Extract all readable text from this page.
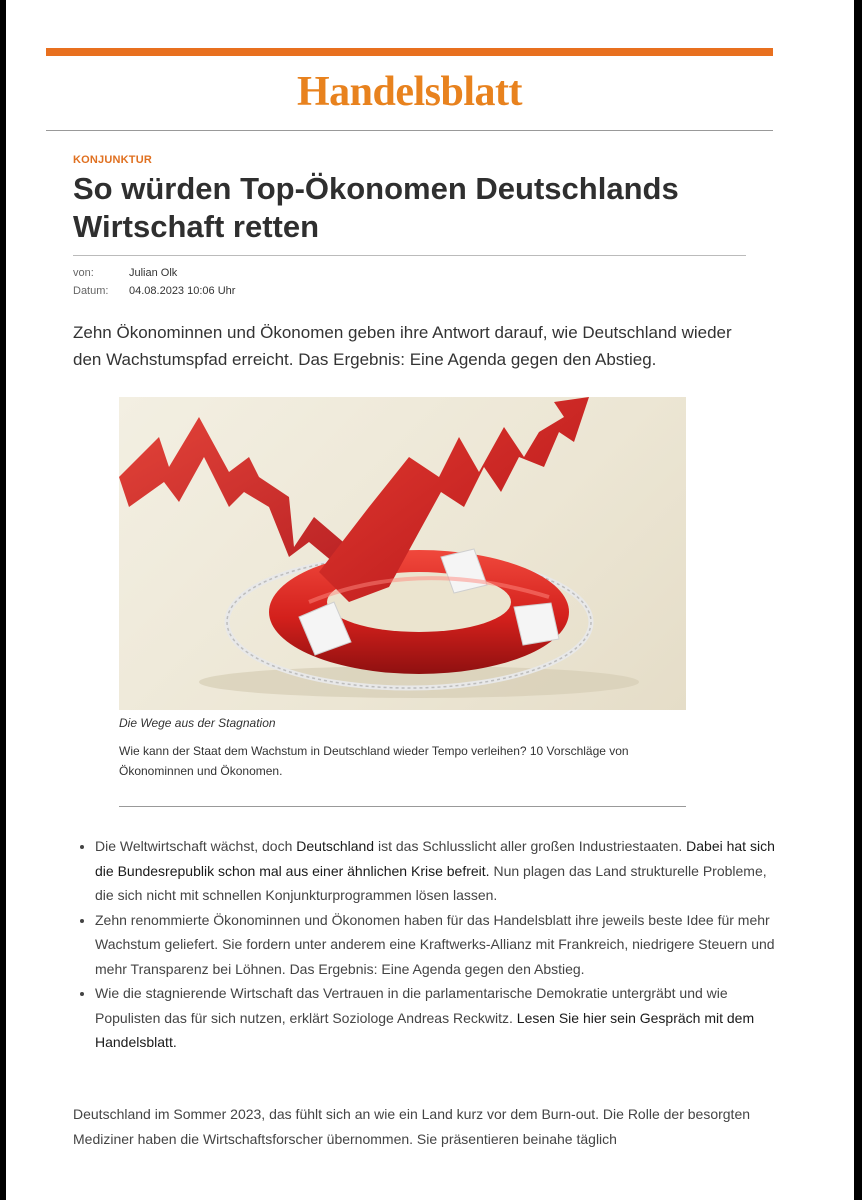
Handelsblatt
KONJUNKTUR
So würden Top-Ökonomen Deutschlands Wirtschaft retten
von:	Julian Olk
Datum: 04.08.2023 10:06 Uhr
Zehn Ökonominnen und Ökonomen geben ihre Antwort darauf, wie Deutschland wieder den Wachstumspfad erreicht. Das Ergebnis: Eine Agenda gegen den Abstieg.
Die Wege aus der Stagnation
Wie kann der Staat dem Wachstum in Deutschland wieder Tempo verleihen? 10 Vorschläge von Ökonominnen und Ökonomen.
• Die Weltwirtschaft wächst, doch Deutschland ist das Schlusslicht aller großen Industriestaaten. Dabei hat sich die Bundesrepublik schon mal aus einer ähnlichen Krise befreit. Nun plagen das Land strukturelle Probleme, die sich nicht mit schnellen Konjunkturprogrammen lösen lassen.
• Zehn renommierte Ökonominnen und Ökonomen haben für das Handelsblatt ihre jeweils beste Idee für mehr Wachstum geliefert. Sie fordern unter anderem eine Kraftwerks-Allianz mit Frankreich, niedrigere Steuern und mehr Transparenz bei Löhnen. Das Ergebnis: Eine Agenda gegen den Abstieg.
• Wie die stagnierende Wirtschaft das Vertrauen in die parlamentarische Demokratie untergräbt und wie Populisten das für sich nutzen, erklärt Soziologe Andreas Reckwitz. Lesen Sie hier sein Gespräch mit dem Handelsblatt.
Deutschland im Sommer 2023, das fühlt sich an wie ein Land kurz vor dem Burn-out. Die Rolle der besorgten Mediziner haben die Wirtschaftsforscher übernommen. Sie präsentieren beinahe täglich
